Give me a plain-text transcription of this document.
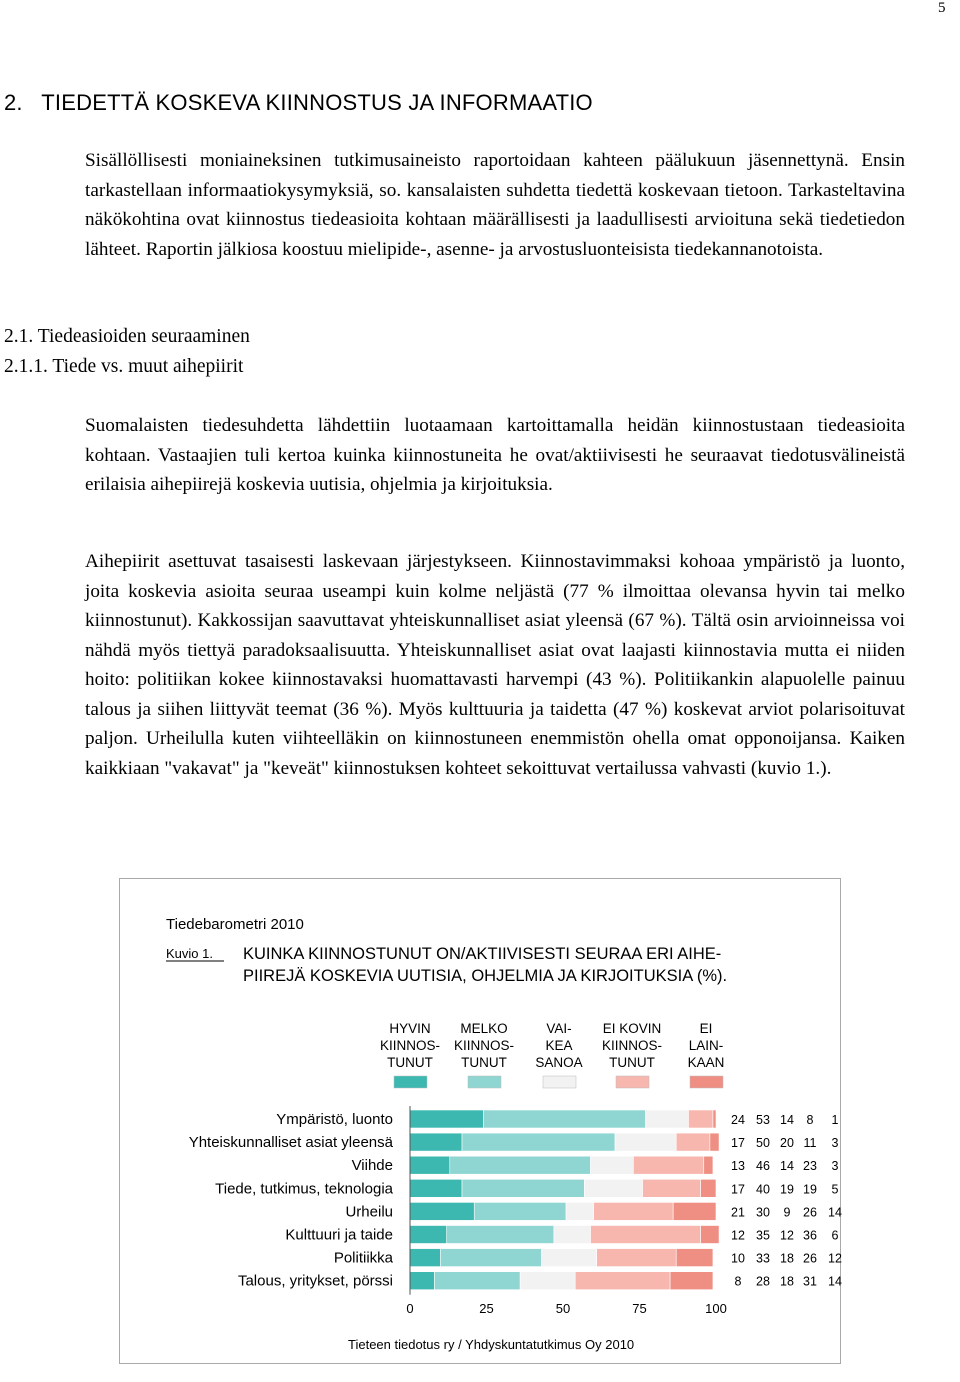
5
2.   TIEDETTÄ KOSKEVA KIINNOSTUS JA INFORMAATIO

Sisällöllisesti moniaineksinen tutkimusaineisto raportoidaan kahteen päälukuun jäsennettynä. Ensin tarkastellaan informaatiokysymyksiä, so. kansalaisten suhdetta tiedettä koskevaan tietoon. Tarkasteltavina näkökohtina ovat kiinnostus tiedeasioita kohtaan määrällisesti ja laadullisesti arvioituna sekä tiedetiedon lähteet. Raportin jälkiosa koostuu mielipide-, asenne- ja arvostusluonteisista tiedekannanotoista.

2.1. Tiedeasioiden seuraaminen
2.1.1. Tiede vs. muut aihepiirit

Suomalaisten tiedesuhdetta lähdettiin luotaamaan kartoittamalla heidän kiinnostustaan tiedeasioita kohtaan. Vastaajien tuli kertoa kuinka kiinnostuneita he ovat/aktiivisesti he seuraavat tiedotusvälineistä erilaisia aihepiirejä koskevia uutisia, ohjelmia ja kirjoituksia.

Aihepiirit asettuvat tasaisesti laskevaan järjestykseen. Kiinnostavimmaksi kohoaa ympäristö ja luonto, joita koskevia asioita seuraa useampi kuin kolme neljästä (77 % ilmoittaa olevansa hyvin tai melko kiinnostunut). Kakkossijan saavuttavat yhteiskunnalliset asiat yleensä (67 %). Tältä osin arvioinneissa voi nähdä myös tiettyä paradoksaalisuutta. Yhteiskunnalliset asiat ovat laajasti kiinnostavia mutta ei niiden hoito: politiikan kokee kiinnostavaksi huomattavasti harvempi (43 %). Politiikankin alapuolelle painuu talous ja siihen liittyvät teemat (36 %). Myös kulttuuria ja taidetta (47 %) koskevat arviot polarisoituvat paljon. Urheilulla kuten viihteelläkin on kiinnostuneen enemmistön ohella omat opponoijansa. Kaiken kaikkiaan "vakavat" ja "keveät" kiinnostuksen kohteet sekoittuvat vertailussa vahvasti (kuvio 1.).

Tiedebarometri 2010
Kuvio 1. KUINKA KIINNOSTUNUT ON/AKTIIVISESTI SEURAA ERI AIHE-
PIIREJÄ KOSKEVIA UUTISIA, OHJELMIA JA KIRJOITUKSIA (%).
HYVIN
KIINNOS-
TUNUT
MELKO
KIINNOS-
TUNUT
VAI-
KEA
SANOA
EI KOVIN
KIINNOS-
TUNUT
EI
LAIN-
KAAN
Ympäristö, luonto	24 53 14 8 1
Yhteiskunnalliset asiat yleensä	17 50 20 11 3
Viihde	13 46 14 23 3
Tiede, tutkimus, teknologia	17 40 19 19 5
Urheilu	21 30 9 26 14
Kulttuuri ja taide	12 35 12 36 6
Politiikka	10 33 18 26 12
Talous, yritykset, pörssi	8 28 18 31 14
0	25	50	75	100
Tieteen tiedotus ry / Yhdyskuntatutkimus Oy 2010
